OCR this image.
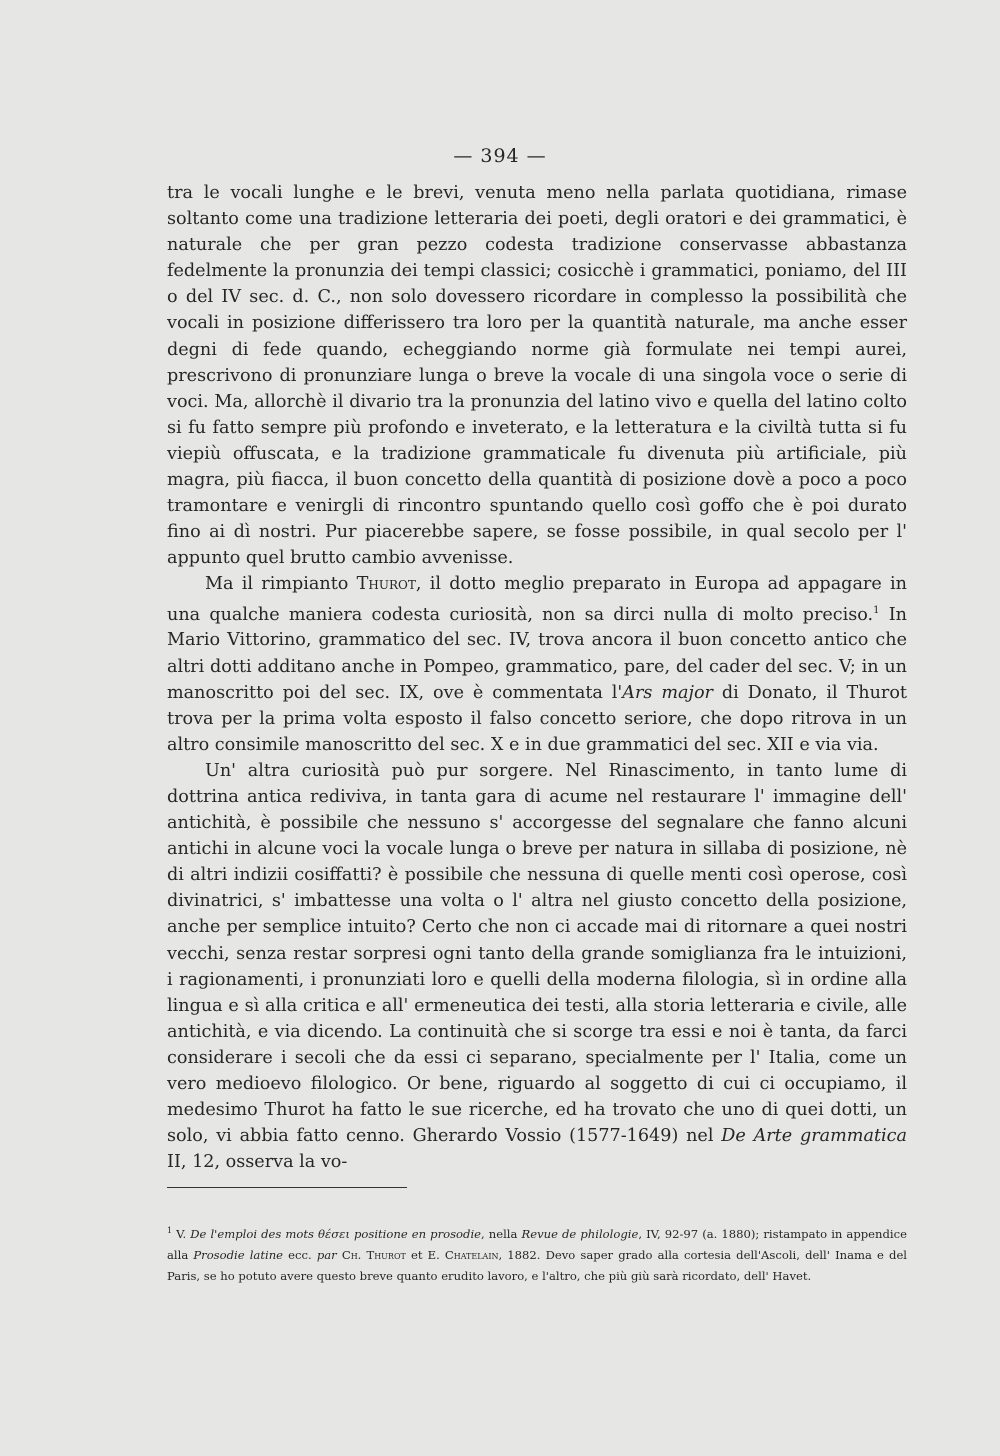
— 394 —

tra le vocali lunghe e le brevi, venuta meno nella parlata quotidiana, rimase soltanto come una tradizione letteraria dei poeti, degli oratori e dei grammatici, è naturale che per gran pezzo codesta tradizione conservasse abbastanza fedelmente la pronunzia dei tempi classici; cosicchè i grammatici, poniamo, del III o del IV sec. d. C., non solo dovessero ricordare in complesso la possibilità che vocali in posizione differissero tra loro per la quantità naturale, ma anche esser degni di fede quando, echeggiando norme già formulate nei tempi aurei, prescrivono di pronunziare lunga o breve la vocale di una singola voce o serie di voci. Ma, allorchè il divario tra la pronunzia del latino vivo e quella del latino colto si fu fatto sempre più profondo e inveterato, e la letteratura e la civiltà tutta si fu viepiù offuscata, e la tradizione grammaticale fu divenuta più artificiale, più magra, più fiacca, il buon concetto della quantità di posizione dovè a poco a poco tramontare e venirgli di rincontro spuntando quello così goffo che è poi durato fino ai dì nostri. Pur piacerebbe sapere, se fosse possibile, in qual secolo per l' appunto quel brutto cambio avvenisse.

Ma il rimpianto Thurot, il dotto meglio preparato in Europa ad appagare in una qualche maniera codesta curiosità, non sa dirci nulla di molto preciso.$^1$ In Mario Vittorino, grammatico del sec. IV, trova ancora il buon concetto antico che altri dotti additano anche in Pompeo, grammatico, pare, del cader del sec. V; in un manoscritto poi del sec. IX, ove è commentata l'Ars major di Donato, il Thurot trova per la prima volta esposto il falso concetto seriore, che dopo ritrova in un altro consimile manoscritto del sec. X e in due grammatici del sec. XII e via via.

Un' altra curiosità può pur sorgere. Nel Rinascimento, in tanto lume di dottrina antica rediviva, in tanta gara di acume nel restaurare l' immagine dell' antichità, è possibile che nessuno s' accorgesse del segnalare che fanno alcuni antichi in alcune voci la vocale lunga o breve per natura in sillaba di posizione, nè di altri indizii cosiffatti? è possibile che nessuna di quelle menti così operose, così divinatrici, s' imbattesse una volta o l' altra nel giusto concetto della posizione, anche per semplice intuito? Certo che non ci accade mai di ritornare a quei nostri vecchi, senza restar sorpresi ogni tanto della grande somiglianza fra le intuizioni, i ragionamenti, i pronunziati loro e quelli della moderna filologia, sì in ordine alla lingua e sì alla critica e all' ermeneutica dei testi, alla storia letteraria e civile, alle antichità, e via dicendo. La continuità che si scorge tra essi e noi è tanta, da farci considerare i secoli che da essi ci separano, specialmente per l' Italia, come un vero medioevo filologico. Or bene, riguardo al soggetto di cui ci occupiamo, il medesimo Thurot ha fatto le sue ricerche, ed ha trovato che uno di quei dotti, un solo, vi abbia fatto cenno. Gherardo Vossio (1577-1649) nel De Arte grammatica II, 12, osserva la vo-

$^1$ V. De l'emploi des mots θέσει positione en prosodie, nella Revue de philologie, IV, 92-97 (a. 1880); ristampato in appendice alla Prosodie latine ecc. par Ch. Thurot et E. Chatelain, 1882. Devo saper grado alla cortesia dell'Ascoli, dell' Inama e del Paris, se ho potuto avere questo breve quanto erudito lavoro, e l'altro, che più giù sarà ricordato, dell' Havet.
